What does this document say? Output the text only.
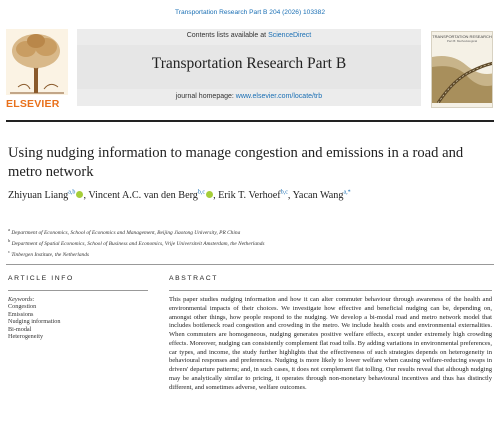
Transportation Research Part B 204 (2026) 103382
ELSEVIER
Contents lists available at ScienceDirect
Transportation Research Part B
journal homepage: www.elsevier.com/locate/trb
TRANSPORTATION RESEARCH
Part B: Methodological
Using nudging information to manage congestion and emissions in a road and metro network
Zhiyuan Liang$^{a,b}$ , Vincent A.C. van den Berg$^{b,c}$ , Erik T. Verhoef$^{b,c}$, Yacan Wang$^{a,*}$
$^a$ Department of Economics, School of Economics and Management, Beijing Jiaotong University, PR China
$^b$ Department of Spatial Economics, School of Business and Economics, Vrije Universiteit Amsterdam, the Netherlands
$^c$ Tinbergen Institute, the Netherlands
ARTICLE INFO
Keywords:
Congestion
Emissions
Nudging information
Bi-modal
Heterogeneity
ABSTRACT

This paper studies nudging information and how it can alter commuter behaviour through awareness of the health and environmental impacts of their choices. We investigate how effective and beneficial nudging can be, depending on, amongst other things, how people respond to the nudging. We develop a bi-modal road and metro network model that includes bottleneck road congestion and crowding in the metro. We include health costs and environmental externalities. When commuters are homogeneous, nudging generates positive welfare effects, except under extremely high crowding effects. Moreover, nudging can consistently complement flat road tolls. By adding variations in environmental preferences, car types, and income, the study further highlights that the effectiveness of such strategies depends on heterogeneity in behavioural responses and preferences. Nudging is more likely to lower welfare when causing welfare-reducing swaps in drivers' departure patterns; and, in such cases, it does not complement flat tolling. Our results reveal that although nudging may be analytically similar to pricing, it operates through non-monetary behavioural incentives and thus has distinctly different, and sometimes adverse, welfare outcomes.
